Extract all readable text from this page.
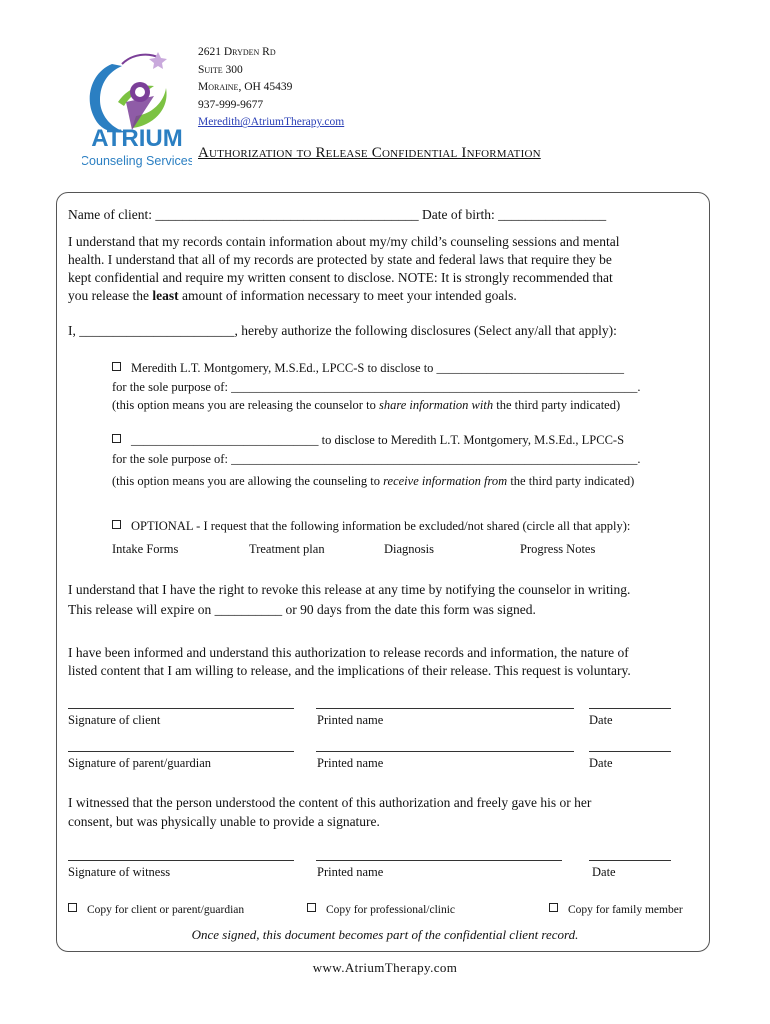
ATRIUM
Counseling Services
2621 Dryden Rd
Suite 300
Moraine, OH 45439
937-999-9677
Meredith@AtriumTherapy.com
Authorization to Release Confidential Information
Name of client: _______________________________________ Date of birth: ________________
I understand that my records contain information about my/my child’s counseling sessions and mental
health. I understand that all of my records are protected by state and federal laws that require they be
kept confidential and require my written consent to disclose. NOTE: It is strongly recommended that
you release the least amount of information necessary to meet your intended goals.
I, _______________________, hereby authorize the following disclosures (Select any/all that apply):
Meredith L.T. Montgomery, M.S.Ed., LPCC-S to disclose to ______________________________
for the sole purpose of: _________________________________________________________________.
(this option means you are releasing the counselor to share information with the third party indicated)
______________________________ to disclose to Meredith L.T. Montgomery, M.S.Ed., LPCC-S
for the sole purpose of: _________________________________________________________________.
(this option means you are allowing the counseling to receive information from the third party indicated)
OPTIONAL - I request that the following information be excluded/not shared (circle all that apply):
Intake Forms	Treatment plan	Diagnosis	Progress Notes
I understand that I have the right to revoke this release at any time by notifying the counselor in writing.
This release will expire on __________ or 90 days from the date this form was signed.
I have been informed and understand this authorization to release records and information, the nature of
listed content that I am willing to release, and the implications of their release. This request is voluntary.
Signature of client	Printed name	Date
Signature of parent/guardian	Printed name	Date
I witnessed that the person understood the content of this authorization and freely gave his or her
consent, but was physically unable to provide a signature.
Signature of witness	Printed name	Date
Copy for client or parent/guardian	Copy for professional/clinic	Copy for family member
Once signed, this document becomes part of the confidential client record.
www.AtriumTherapy.com
